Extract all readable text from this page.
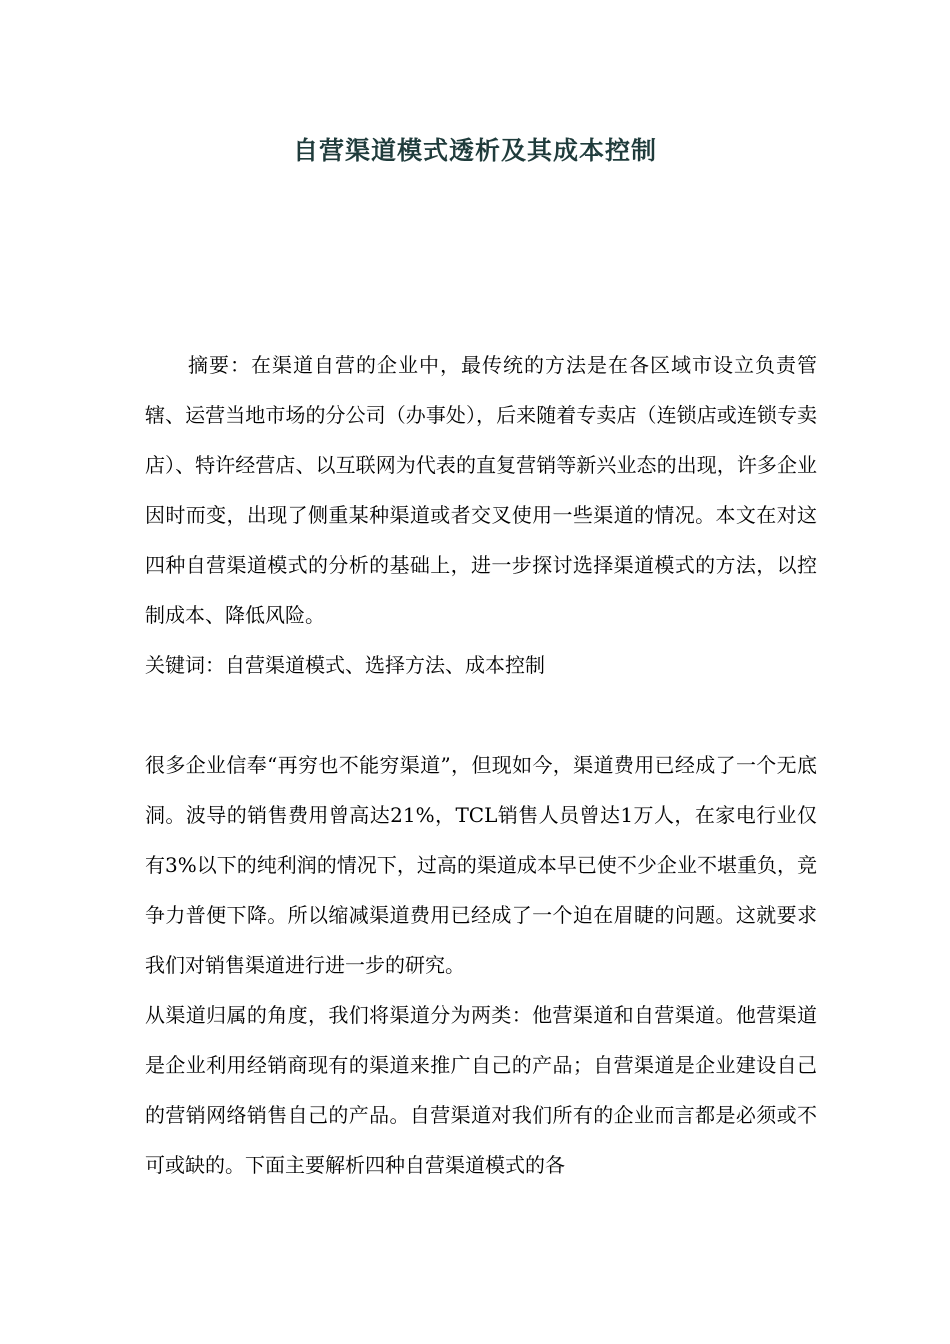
自营渠道模式透析及其成本控制

摘要：在渠道自营的企业中，最传统的方法是在各区域市设立负责管辖、运营当地市场的分公司（办事处），后来随着专卖店（连锁店或连锁专卖店）、特许经营店、以互联网为代表的直复营销等新兴业态的出现，许多企业因时而变，出现了侧重某种渠道或者交叉使用一些渠道的情况。本文在对这四种自营渠道模式的分析的基础上，进一步探讨选择渠道模式的方法，以控制成本、降低风险。

关键词：自营渠道模式、选择方法、成本控制

很多企业信奉“再穷也不能穷渠道”，但现如今，渠道费用已经成了一个无底洞。波导的销售费用曾高达21%，TCL销售人员曾达1万人，在家电行业仅有3%以下的纯利润的情况下，过高的渠道成本早已使不少企业不堪重负，竞争力普便下降。所以缩减渠道费用已经成了一个迫在眉睫的问题。这就要求我们对销售渠道进行进一步的研究。

从渠道归属的角度，我们将渠道分为两类：他营渠道和自营渠道。他营渠道是企业利用经销商现有的渠道来推广自己的产品；自营渠道是企业建设自己的营销网络销售自己的产品。自营渠道对我们所有的企业而言都是必须或不可或缺的。下面主要解析四种自营渠道模式的各
